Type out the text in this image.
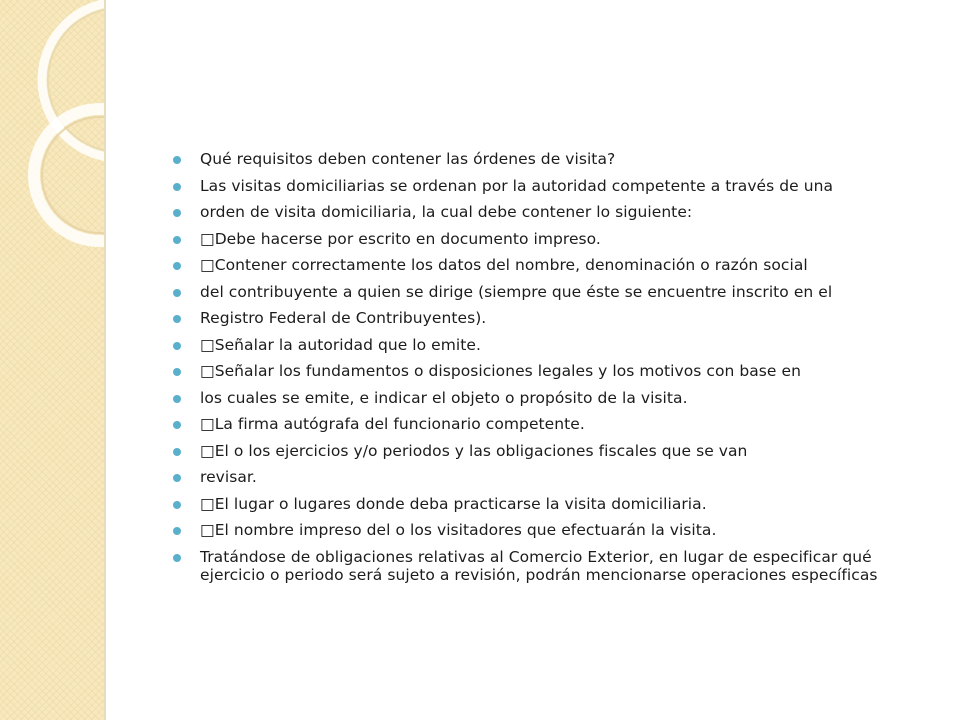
Qué requisitos deben contener las órdenes de visita?
Las visitas domiciliarias se ordenan por la autoridad competente a través de una
orden de visita domiciliaria, la cual debe contener lo siguiente:
□Debe hacerse por escrito en documento impreso.
□Contener correctamente los datos del nombre, denominación o razón social
del contribuyente a quien se dirige (siempre que éste se encuentre inscrito en el
Registro Federal de Contribuyentes).
□Señalar la autoridad que lo emite.
□Señalar los fundamentos o disposiciones legales y los motivos con base en
los cuales se emite, e indicar el objeto o propósito de la visita.
□La firma autógrafa del funcionario competente.
□El o los ejercicios y/o periodos y las obligaciones fiscales que se van
revisar.
□El lugar o lugares donde deba practicarse la visita domiciliaria.
□El nombre impreso del o los visitadores que efectuarán la visita.
Tratándose de obligaciones relativas al Comercio Exterior, en lugar de especificar qué ejercicio o periodo será sujeto a revisión, podrán mencionarse operaciones específicas
